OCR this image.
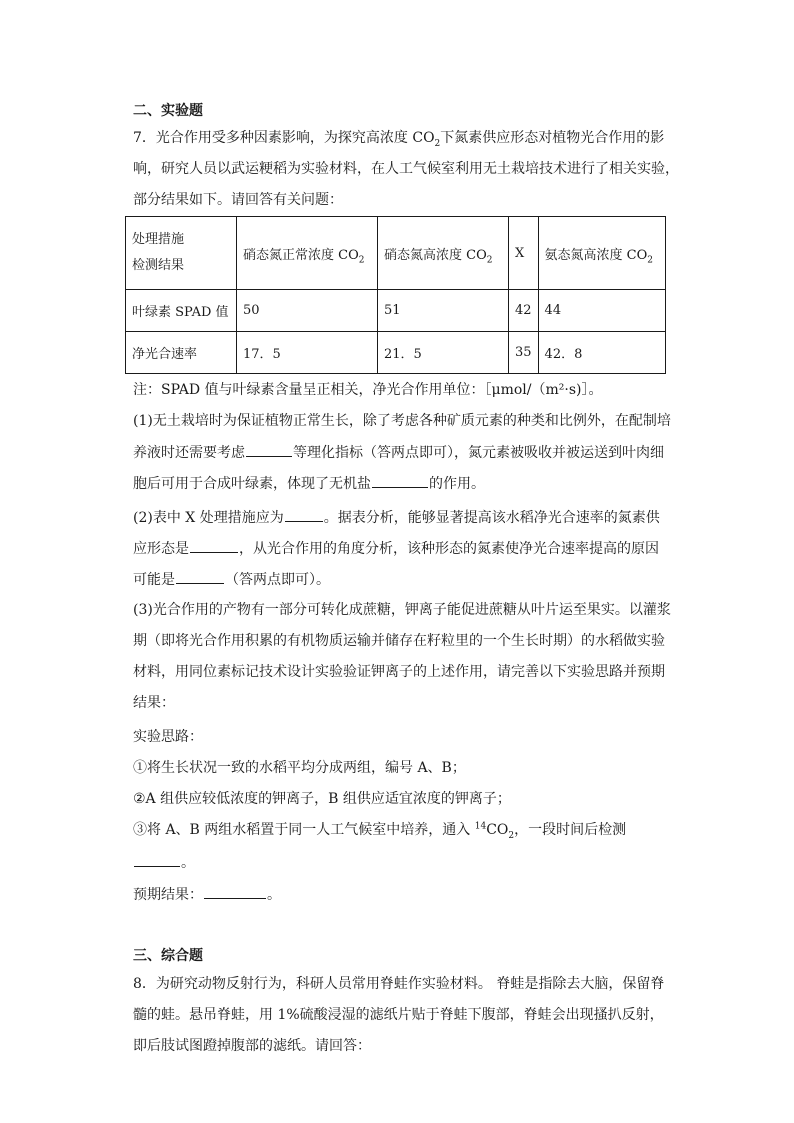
二、实验题
7．光合作用受多种因素影响，为探究高浓度 $CO_2$下氮素供应形态对植物光合作用的影
响，研究人员以武运粳稻为实验材料，在人工气候室利用无土栽培技术进行了相关实验，
部分结果如下。请回答有关问题：
处理措施
检测结果	硝态氮正常浓度 $CO_2$	硝态氮高浓度 $CO_2$	X	氨态氮高浓度 $CO_2$
叶绿素 SPAD 值	50	51	42	44
净光合速率	17．5	21．5	35	42．8
注：SPAD 值与叶绿素含量呈正相关，净光合作用单位：［μmol/（m²·s)］。
(1)无土栽培时为保证植物正常生长，除了考虑各种矿质元素的种类和比例外，在配制培
养液时还需要考虑	等理化指标（答两点即可），氮元素被吸收并被运送到叶肉细
胞后可用于合成叶绿素，体现了无机盐	的作用。
(2)表中 X 处理措施应为	。据表分析，能够显著提高该水稻净光合速率的氮素供
应形态是	，从光合作用的角度分析，该种形态的氮素使净光合速率提高的原因
可能是	（答两点即可）。
(3)光合作用的产物有一部分可转化成蔗糖，钾离子能促进蔗糖从叶片运至果实。以灌浆
期（即将光合作用积累的有机物质运输并储存在籽粒里的一个生长时期）的水稻做实验
材料，用同位素标记技术设计实验验证钾离子的上述作用，请完善以下实验思路并预期
结果：
实验思路：
①将生长状况一致的水稻平均分成两组，编号 A、B；
②A 组供应较低浓度的钾离子，B 组供应适宜浓度的钾离子；
③将 A、B 两组水稻置于同一人工气候室中培养，通入 $^{14}CO_2$，一段时间后检测
。
预期结果：	。
三、综合题
8．为研究动物反射行为，科研人员常用脊蛙作实验材料。 脊蛙是指除去大脑，保留脊
髓的蛙。悬吊脊蛙，用 1%硫酸浸湿的滤纸片贴于脊蛙下腹部，脊蛙会出现搔扒反射，
即后肢试图蹬掉腹部的滤纸。请回答：
